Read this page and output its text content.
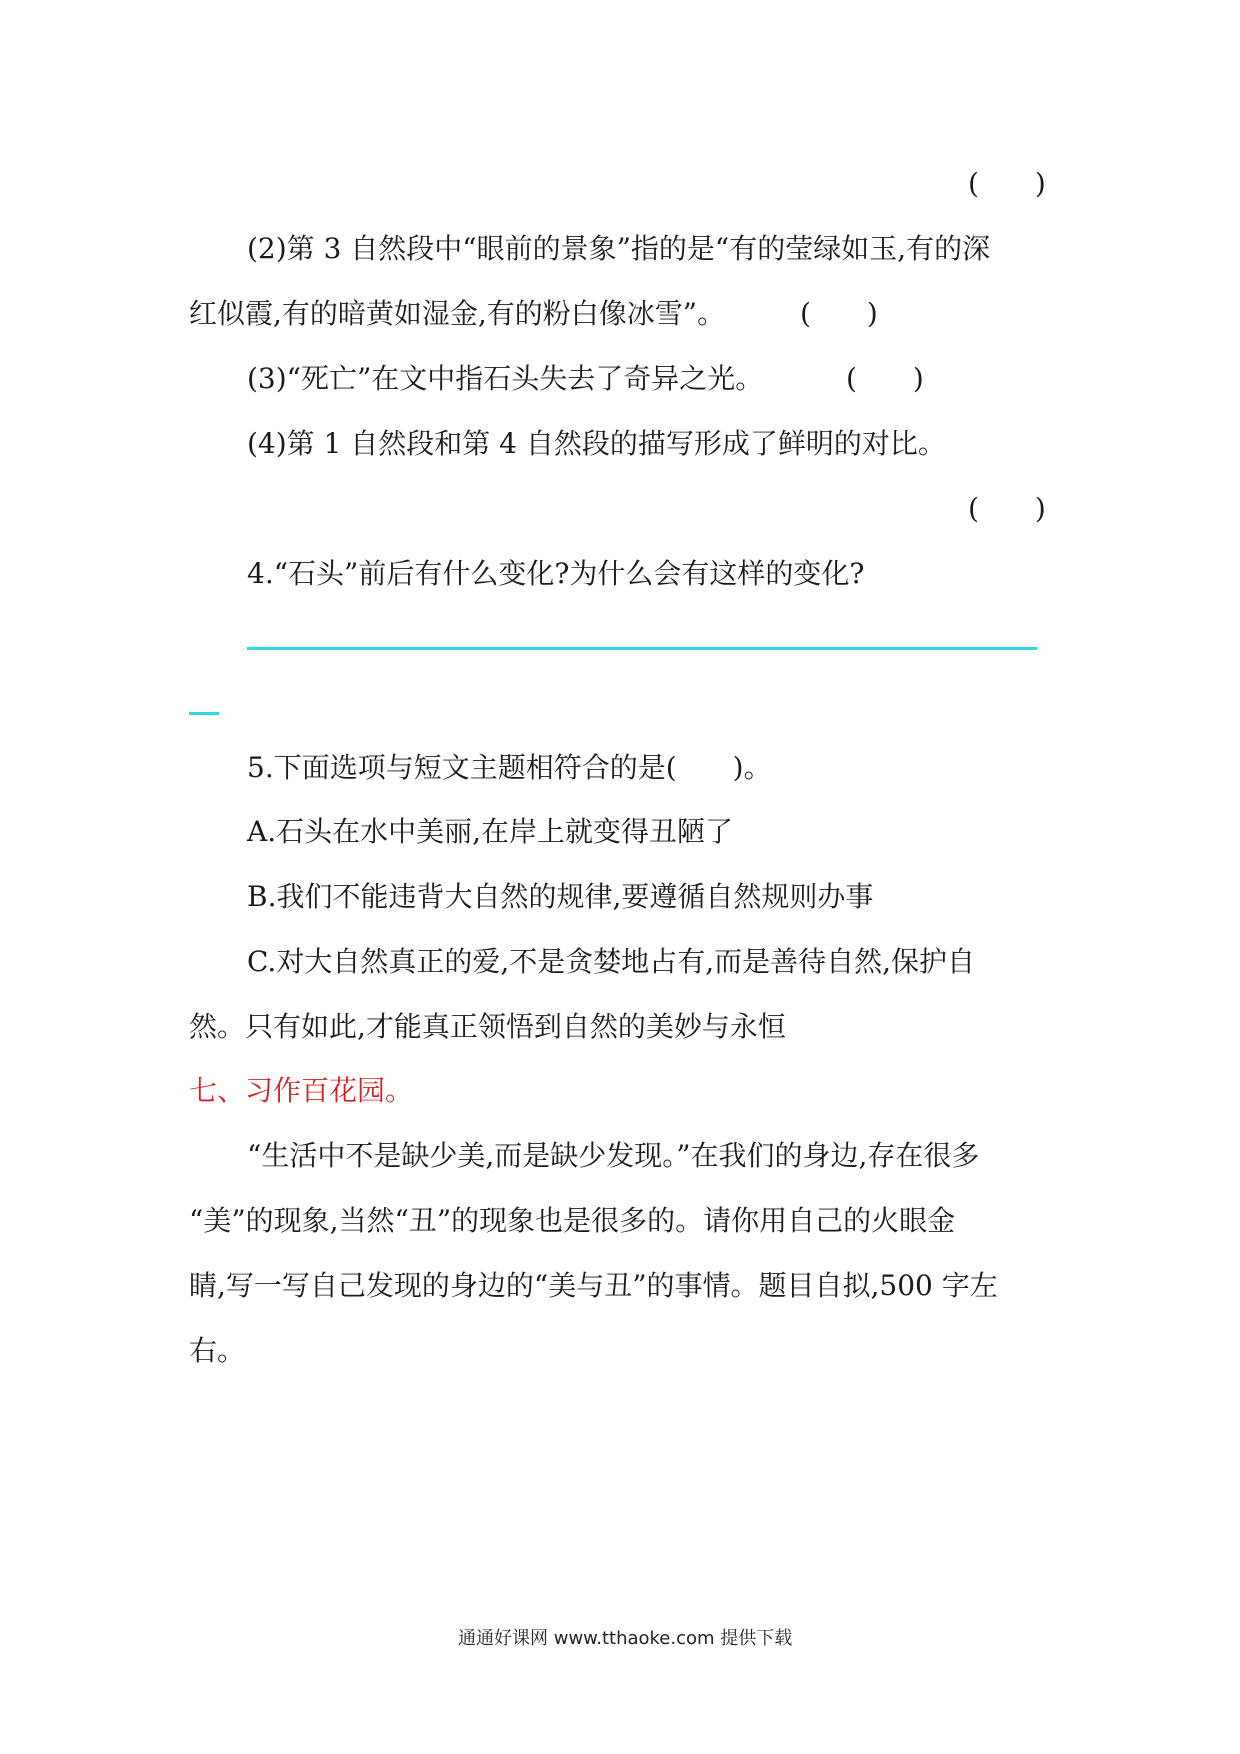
(　　)
(2)第 3 自然段中“眼前的景象”指的是“有的莹绿如玉,有的深
红似霞,有的暗黄如湿金,有的粉白像冰雪”。	(　　)
(3)“死亡”在文中指石头失去了奇异之光。	(　　)
(4)第 1 自然段和第 4 自然段的描写形成了鲜明的对比。
(　　)
4.“石头”前后有什么变化?为什么会有这样的变化?
5.下面选项与短文主题相符合的是(　　)。
A.石头在水中美丽,在岸上就变得丑陋了
B.我们不能违背大自然的规律,要遵循自然规则办事
C.对大自然真正的爱,不是贪婪地占有,而是善待自然,保护自
然。只有如此,才能真正领悟到自然的美妙与永恒
七、习作百花园。
“生活中不是缺少美,而是缺少发现。”在我们的身边,存在很多
“美”的现象,当然“丑”的现象也是很多的。请你用自己的火眼金
睛,写一写自己发现的身边的“美与丑”的事情。题目自拟,500 字左
右。
通通好课网 www.tthaoke.com 提供下载
